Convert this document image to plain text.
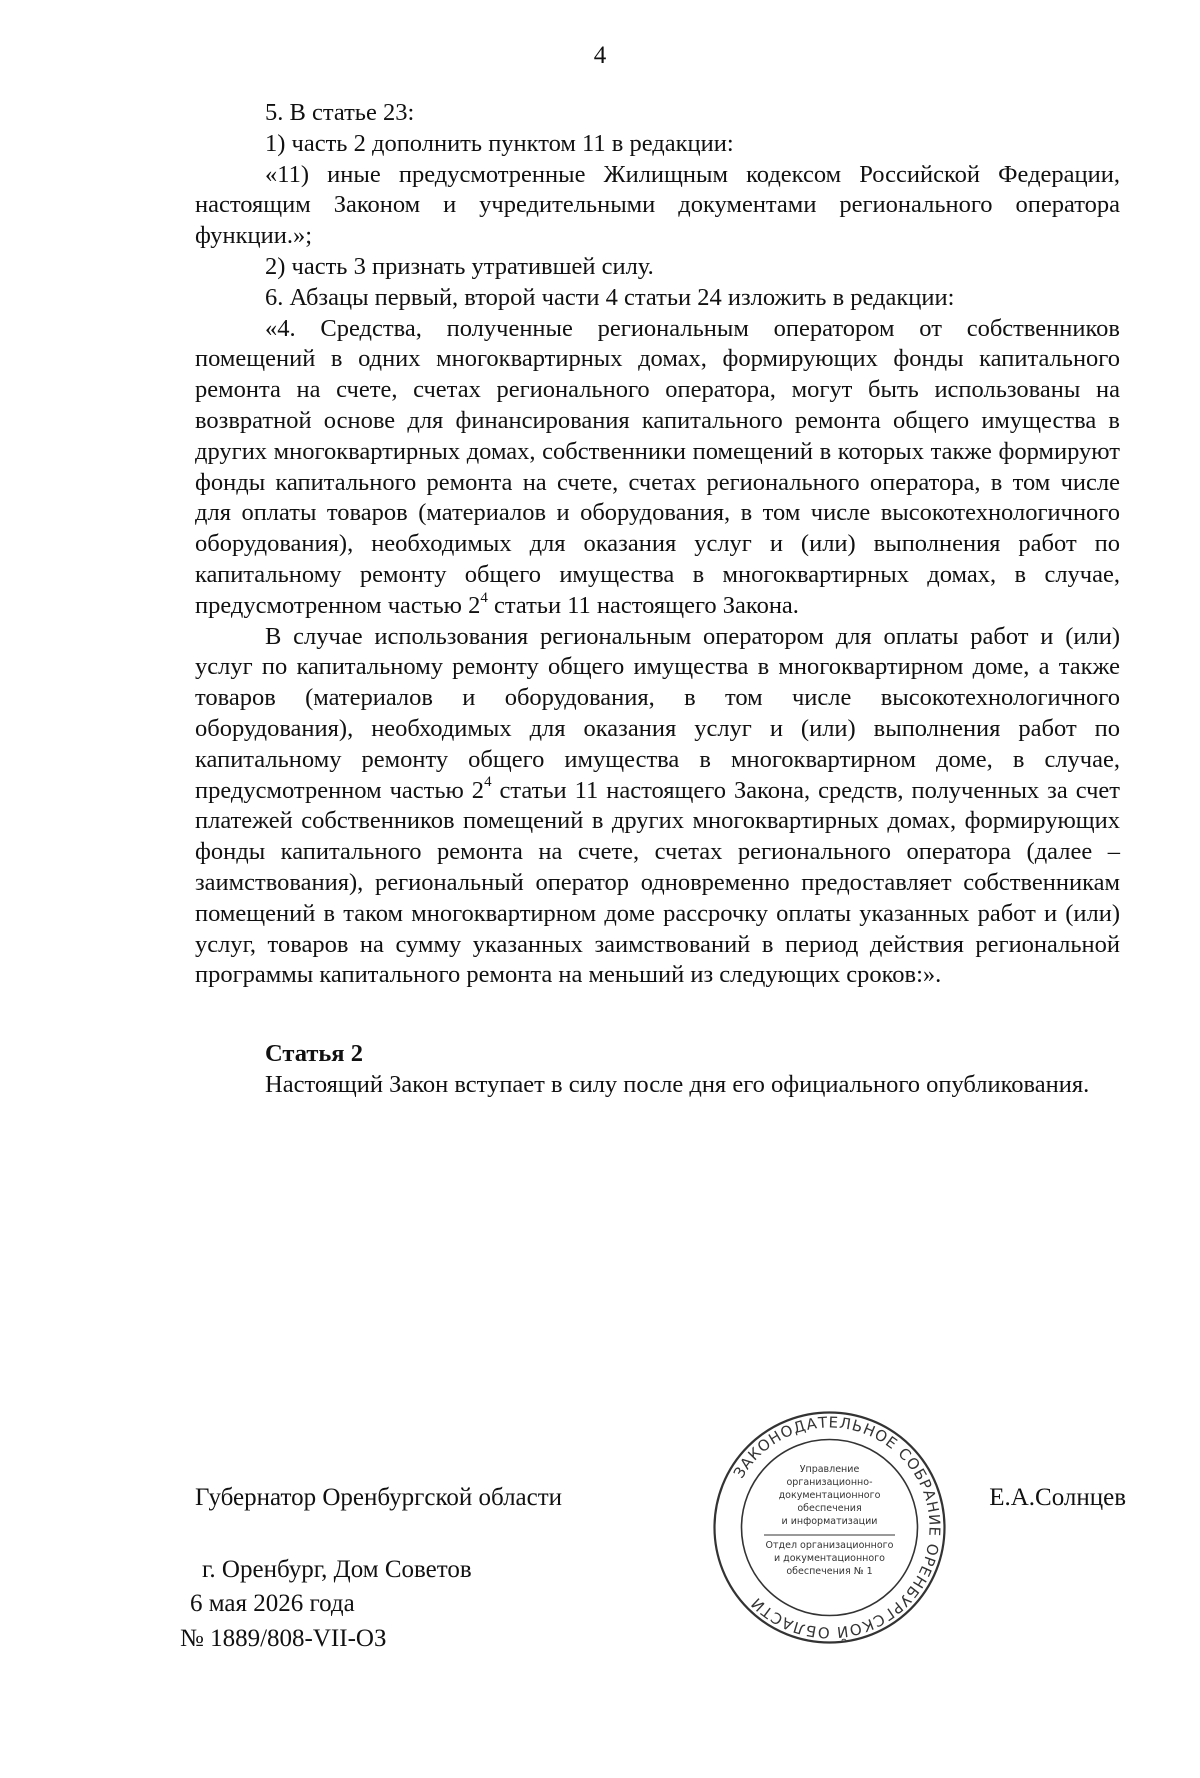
4

5. В статье 23:

1) часть 2 дополнить пунктом 11 в редакции:

«11) иные предусмотренные Жилищным кодексом Российской Федерации, настоящим Законом и учредительными документами регионального оператора функции.»;

2) часть 3 признать утратившей силу.

6. Абзацы первый, второй части 4 статьи 24 изложить в редакции:

«4. Средства, полученные региональным оператором от собственников помещений в одних многоквартирных домах, формирующих фонды капитального ремонта на счете, счетах регионального оператора, могут быть использованы на возвратной основе для финансирования капитального ремонта общего имущества в других многоквартирных домах, собственники помещений в которых также формируют фонды капитального ремонта на счете, счетах регионального оператора, в том числе для оплаты товаров (материалов и оборудования, в том числе высокотехнологичного оборудования), необходимых для оказания услуг и (или) выполнения работ по капитальному ремонту общего имущества в многоквартирных домах, в случае, предусмотренном частью $2^4$ статьи 11 настоящего Закона.

В случае использования региональным оператором для оплаты работ и (или) услуг по капитальному ремонту общего имущества в многоквартирном доме, а также товаров (материалов и оборудования, в том числе высокотехнологичного оборудования), необходимых для оказания услуг и (или) выполнения работ по капитальному ремонту общего имущества в многоквартирном доме, в случае, предусмотренном частью $2^4$ статьи 11 настоящего Закона, средств, полученных за счет платежей собственников помещений в других многоквартирных домах, формирующих фонды капитального ремонта на счете, счетах регионального оператора (далее – заимствования), региональный оператор одновременно предоставляет собственникам помещений в таком многоквартирном доме рассрочку оплаты указанных работ и (или) услуг, товаров на сумму указанных заимствований в период действия региональной программы капитального ремонта на меньший из следующих сроков:».

Статья 2

Настоящий Закон вступает в силу после дня его официального опубликования.

Губернатор Оренбургской области	Е.А.Солнцев
г. Оренбург, Дом Советов
6 мая 2026 года
№ 1889/808-VII-ОЗ
ЗАКОНОДАТЕЛЬНОЕ СОБРАНИЕ ОРЕНБУРГСКОЙ ОБЛАСТИ
Управление
организационно-
документационного
обеспечения
и информатизации
Отдел организационного
и документационного
обеспечения № 1
